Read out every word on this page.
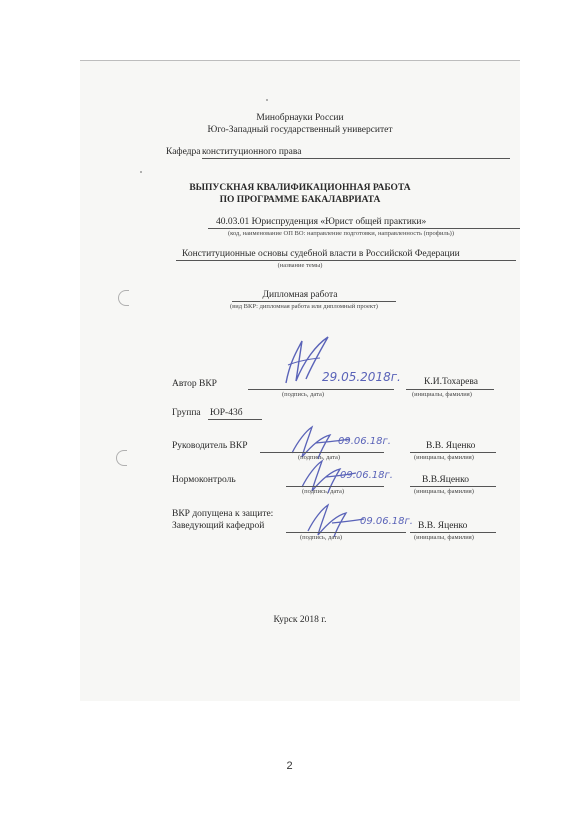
Минобрнауки России
Юго-Западный государственный университет
Кафедра конституционного права
ВЫПУСКНАЯ КВАЛИФИКАЦИОННАЯ РАБОТА
ПО ПРОГРАММЕ БАКАЛАВРИАТА
40.03.01 Юриспруденция «Юрист общей практики»
(код, наименование ОП ВО: направление подготовки, направленность (профиль))
Конституционные основы судебной власти в Российской Федерации
(название темы)
Дипломная работа
(вид ВКР: дипломная работа или дипломный проект)
Автор ВКР	29.05.2018г.
(подпись, дата)
К.И.Тохарева
(инициалы, фамилия)
Группа ЮР-43б
Руководитель ВКР	09.06.18г.
(подпись, дата)
В.В. Яценко
(инициалы, фамилия)
Нормоконтроль	09.06.18г.
(подпись, дата)
В.В.Яценко
(инициалы, фамилия)
ВКР допущена к защите:
Заведующий кафедрой	09.06.18г.
(подпись, дата)
В.В. Яценко
(инициалы, фамилия)
Курск 2018 г.
2
